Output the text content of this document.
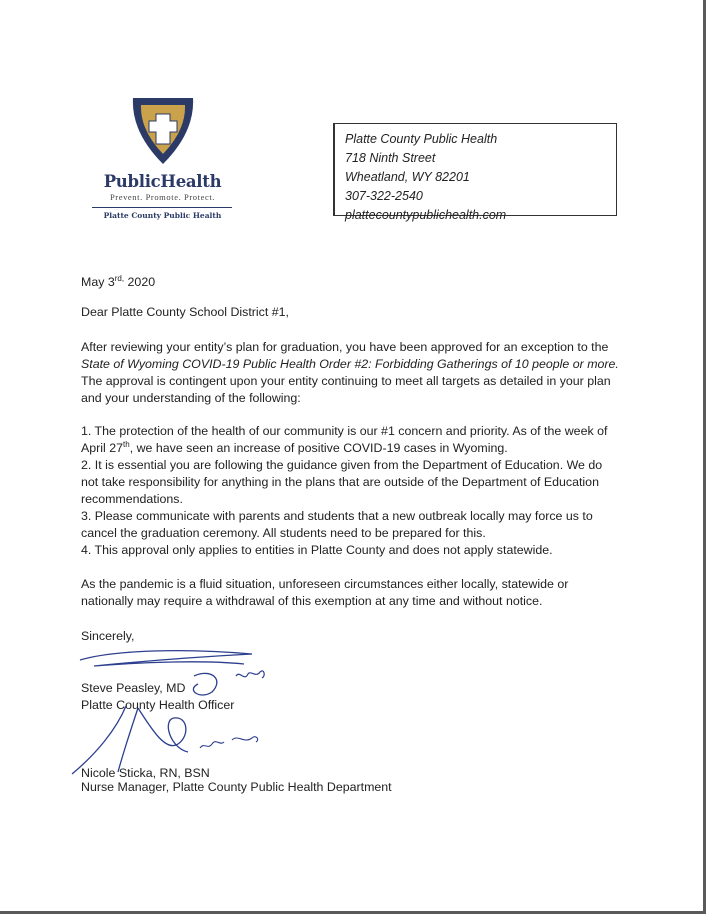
PublicHealth
Prevent. Promote. Protect.
Platte County Public Health
Platte County Public Health
718 Ninth Street
Wheatland, WY 82201
307-322-2540
plattecountypublichealth.com
May $3^{rd,}$ 2020
Dear Platte County School District #1,
After reviewing your entity’s plan for graduation, you have been approved for an exception to the State of Wyoming COVID-19 Public Health Order #2: Forbidding Gatherings of 10 people or more. The approval is contingent upon your entity continuing to meet all targets as detailed in your plan and your understanding of the following:
1. The protection of the health of our community is our #1 concern and priority. As of the week of April 27th, we have seen an increase of positive COVID-19 cases in Wyoming.
2. It is essential you are following the guidance given from the Department of Education. We do not take responsibility for anything in the plans that are outside of the Department of Education recommendations.
3. Please communicate with parents and students that a new outbreak locally may force us to cancel the graduation ceremony. All students need to be prepared for this.
4. This approval only applies to entities in Platte County and does not apply statewide.
As the pandemic is a fluid situation, unforeseen circumstances either locally, statewide or nationally may require a withdrawal of this exemption at any time and without notice.
Sincerely,
Steve Peasley, MD
Platte County Health Officer
Nicole Sticka, RN, BSN
Nurse Manager, Platte County Public Health Department
